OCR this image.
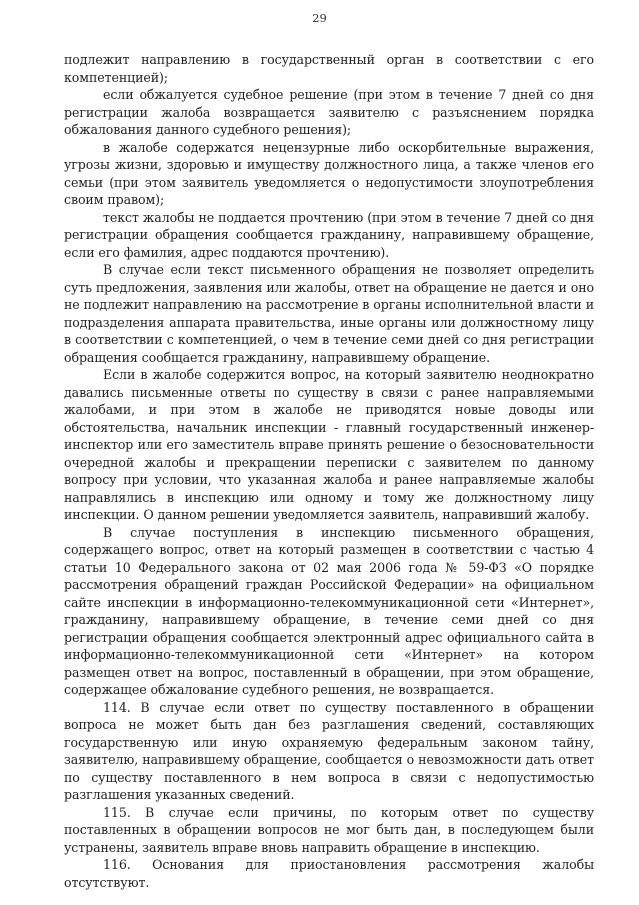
29

подлежит направлению в государственный орган в соответствии с его компетенцией);

если обжалуется судебное решение (при этом в течение 7 дней со дня регистрации жалоба возвращается заявителю с разъяснением порядка обжалования данного судебного решения);

в жалобе содержатся нецензурные либо оскорбительные выражения, угрозы жизни, здоровью и имуществу должностного лица, а также членов его семьи (при этом заявитель уведомляется о недопустимости злоупотребления своим правом);

текст жалобы не поддается прочтению (при этом в течение 7 дней со дня регистрации обращения сообщается гражданину, направившему обращение, если его фамилия, адрес поддаются прочтению).

В случае если текст письменного обращения не позволяет определить суть предложения, заявления или жалобы, ответ на обращение не дается и оно не подлежит направлению на рассмотрение в органы исполнительной власти и подразделения аппарата правительства, иные органы или должностному лицу в соответствии с компетенцией, о чем в течение семи дней со дня регистрации обращения сообщается гражданину, направившему обращение.

Если в жалобе содержится вопрос, на который заявителю неоднократно давались письменные ответы по существу в связи с ранее направляемыми жалобами, и при этом в жалобе не приводятся новые доводы или обстоятельства, начальник инспекции - главный государственный инженер-инспектор или его заместитель вправе принять решение о безосновательности очередной жалобы и прекращении переписки с заявителем по данному вопросу при условии, что указанная жалоба и ранее направляемые жалобы направлялись в инспекцию или одному и тому же должностному лицу инспекции. О данном решении уведомляется заявитель, направивший жалобу.

В случае поступления в инспекцию письменного обращения, содержащего вопрос, ответ на который размещен в соответствии с частью 4 статьи 10 Федерального закона от 02 мая 2006 года № 59-ФЗ «О порядке рассмотрения обращений граждан Российской Федерации» на официальном сайте инспекции в информационно-телекоммуникационной сети «Интернет», гражданину, направившему обращение, в течение семи дней со дня регистрации обращения сообщается электронный адрес официального сайта в информационно-телекоммуникационной сети «Интернет» на котором размещен ответ на вопрос, поставленный в обращении, при этом обращение, содержащее обжалование судебного решения, не возвращается.

114. В случае если ответ по существу поставленного в обращении вопроса не может быть дан без разглашения сведений, составляющих государственную или иную охраняемую федеральным законом тайну, заявителю, направившему обращение, сообщается о невозможности дать ответ по существу поставленного в нем вопроса в связи с недопустимостью разглашения указанных сведений.

115. В случае если причины, по которым ответ по существу поставленных в обращении вопросов не мог быть дан, в последующем были устранены, заявитель вправе вновь направить обращение в инспекцию.

116. Основания для приостановления рассмотрения жалобы отсутствуют.
